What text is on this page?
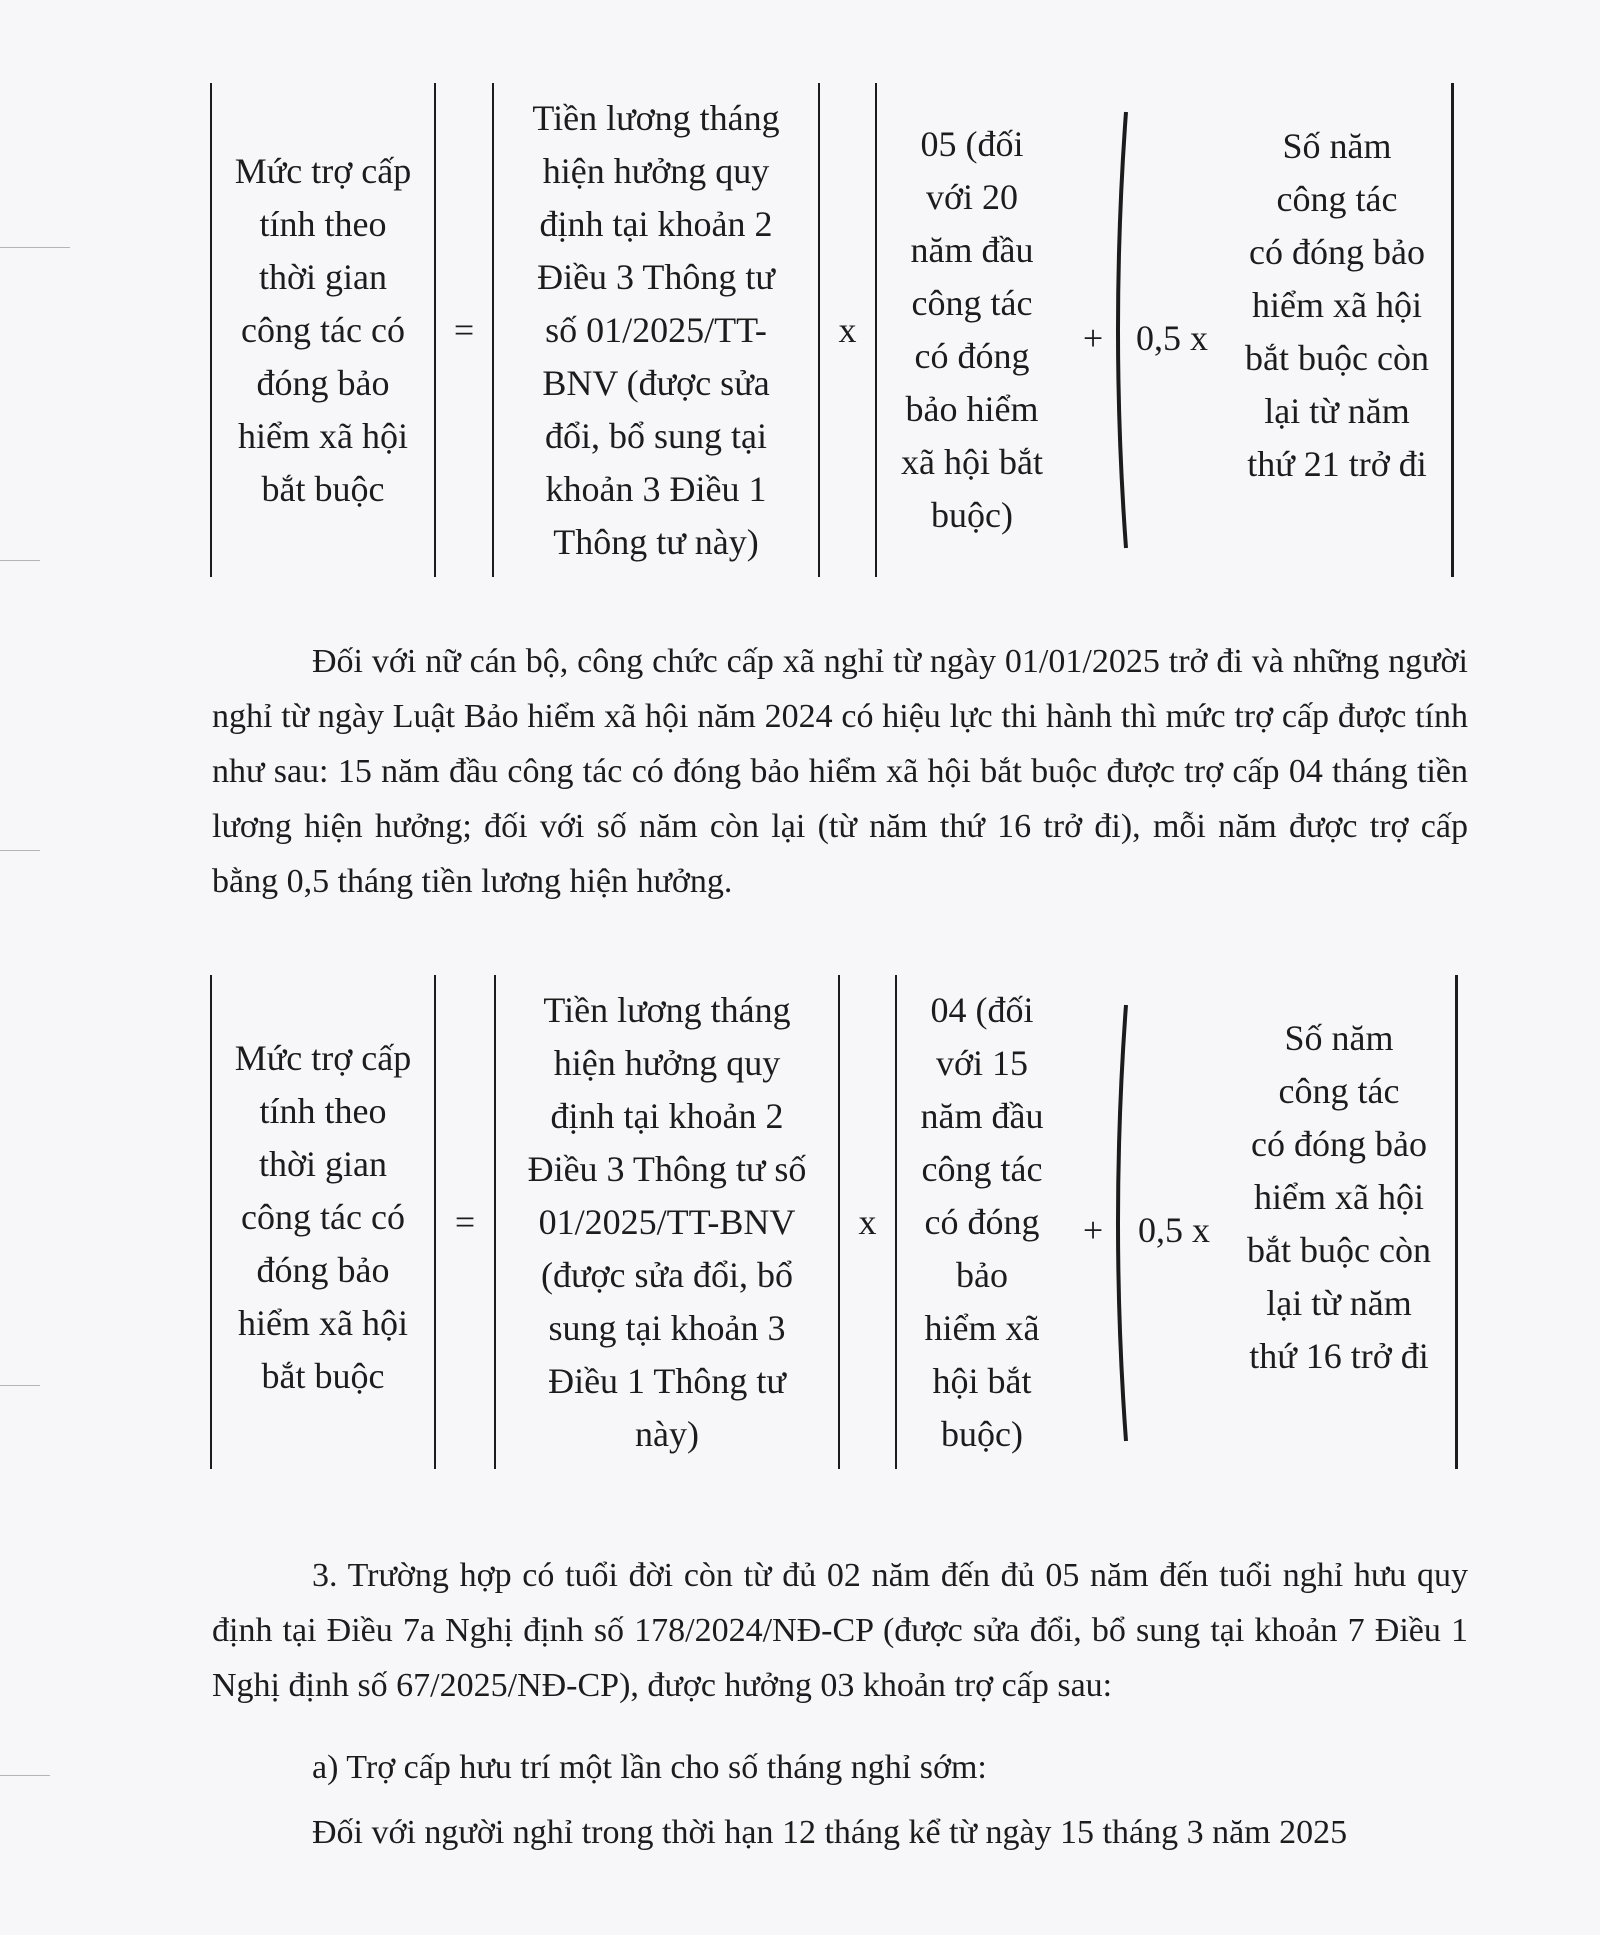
Mức trợ cấp
tính theo
thời gian
công tác có
đóng bảo
hiểm xã hội
bắt buộc
=
Tiền lương tháng
hiện hưởng quy
định tại khoản 2
Điều 3 Thông tư
số 01/2025/TT-
BNV (được sửa
đổi, bổ sung tại
khoản 3 Điều 1
Thông tư này)
x
05 (đối
với 20
năm đầu
công tác
có đóng
bảo hiểm
xã hội bắt
buộc)
+ 0,5 x
Số năm
công tác
có đóng bảo
hiểm xã hội
bắt buộc còn
lại từ năm
thứ 21 trở đi
Đối với nữ cán bộ, công chức cấp xã nghỉ từ ngày 01/01/2025 trở đi và những người nghỉ từ ngày Luật Bảo hiểm xã hội năm 2024 có hiệu lực thi hành thì mức trợ cấp được tính như sau: 15 năm đầu công tác có đóng bảo hiểm xã hội bắt buộc được trợ cấp 04 tháng tiền lương hiện hưởng; đối với số năm còn lại (từ năm thứ 16 trở đi), mỗi năm được trợ cấp bằng 0,5 tháng tiền lương hiện hưởng.
Mức trợ cấp
tính theo
thời gian
công tác có
đóng bảo
hiểm xã hội
bắt buộc
=
Tiền lương tháng
hiện hưởng quy
định tại khoản 2
Điều 3 Thông tư số
01/2025/TT-BNV
(được sửa đổi, bổ
sung tại khoản 3
Điều 1 Thông tư
này)
x
04 (đối
với 15
năm đầu
công tác
có đóng
bảo
hiểm xã
hội bắt
buộc)
+ 0,5 x
Số năm
công tác
có đóng bảo
hiểm xã hội
bắt buộc còn
lại từ năm
thứ 16 trở đi
3. Trường hợp có tuổi đời còn từ đủ 02 năm đến đủ 05 năm đến tuổi nghỉ hưu quy định tại Điều 7a Nghị định số 178/2024/NĐ-CP (được sửa đổi, bổ sung tại khoản 7 Điều 1 Nghị định số 67/2025/NĐ-CP), được hưởng 03 khoản trợ cấp sau:
a) Trợ cấp hưu trí một lần cho số tháng nghỉ sớm:
Đối với người nghỉ trong thời hạn 12 tháng kể từ ngày 15 tháng 3 năm 2025
